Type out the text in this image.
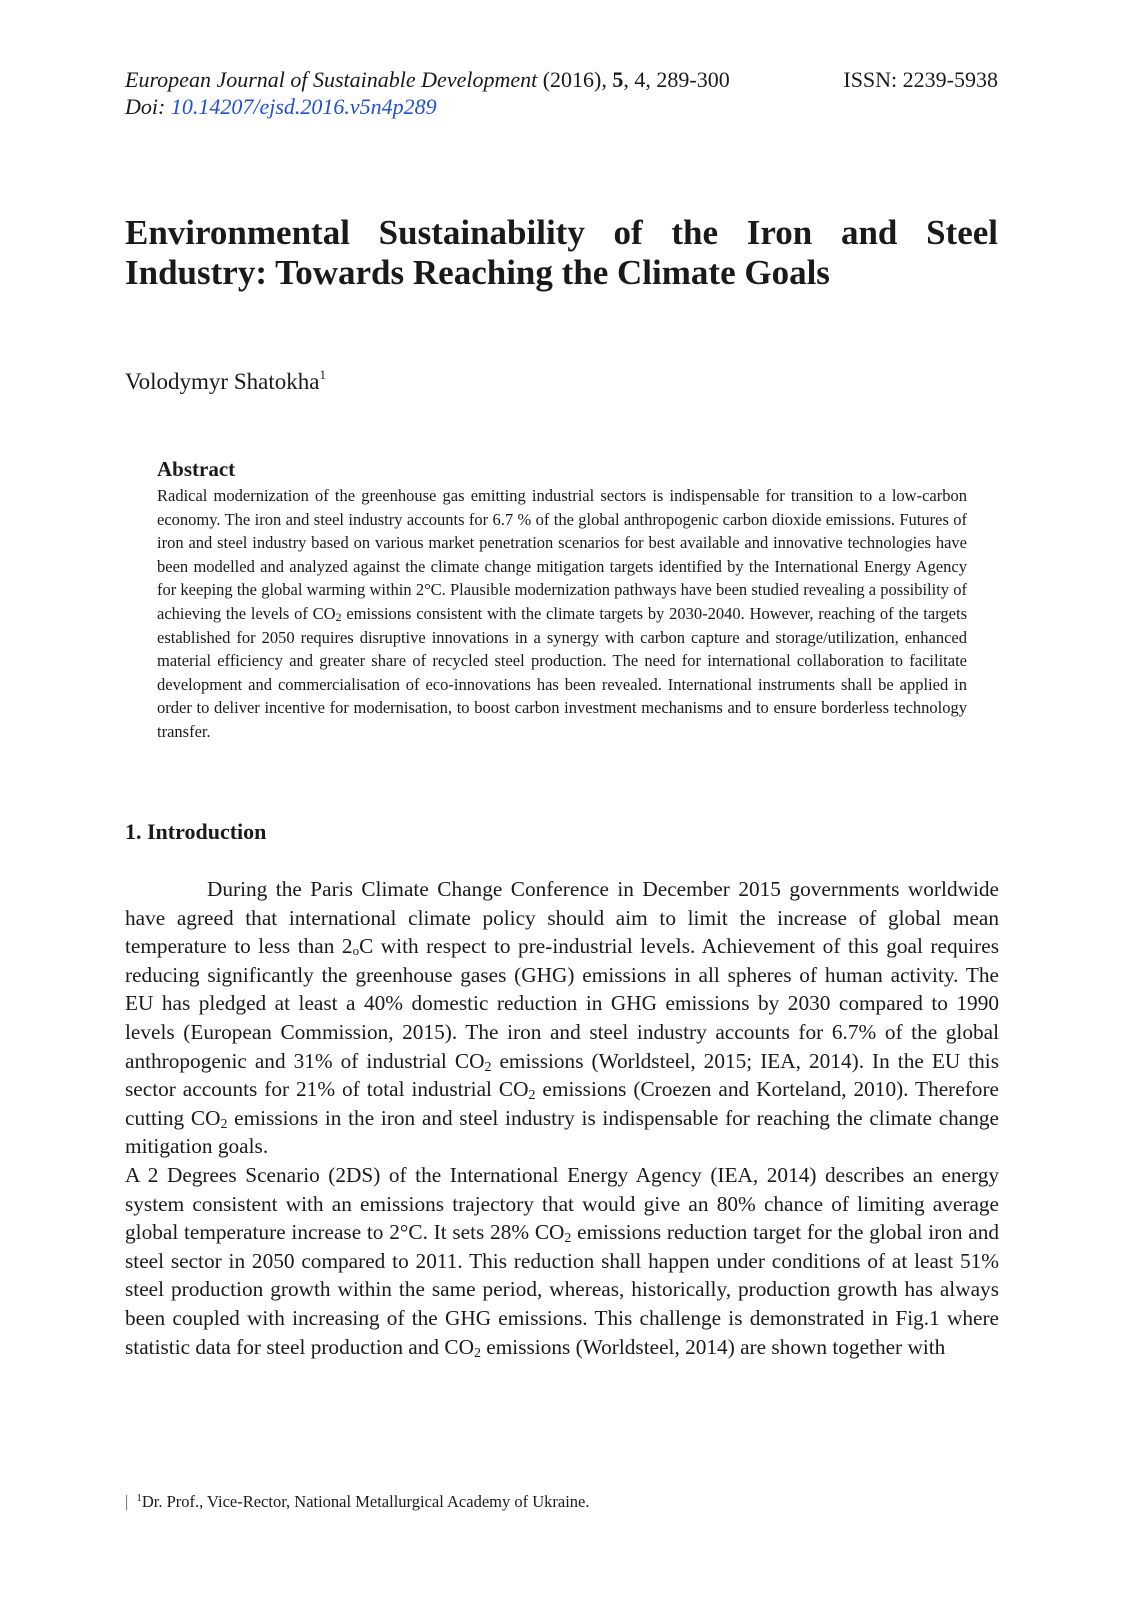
European Journal of Sustainable Development (2016), 5, 4, 289-300	ISSN: 2239-5938
Doi: 10.14207/ejsd.2016.v5n4p289
Environmental Sustainability of the Iron and Steel Industry: Towards Reaching the Climate Goals
Volodymyr Shatokha$^1$
Abstract
Radical modernization of the greenhouse gas emitting industrial sectors is indispensable for transition to a low-carbon economy. The iron and steel industry accounts for 6.7 % of the global anthropogenic carbon dioxide emissions. Futures of iron and steel industry based on various market penetration scenarios for best available and innovative technologies have been modelled and analyzed against the climate change mitigation targets identified by the International Energy Agency for keeping the global warming within 2°C. Plausible modernization pathways have been studied revealing a possibility of achieving the levels of $CO_2$ emissions consistent with the climate targets by 2030-2040. However, reaching of the targets established for 2050 requires disruptive innovations in a synergy with carbon capture and storage/utilization, enhanced material efficiency and greater share of recycled steel production. The need for international collaboration to facilitate development and commercialisation of eco-innovations has been revealed. International instruments shall be applied in order to deliver incentive for modernisation, to boost carbon investment mechanisms and to ensure borderless technology transfer.
1. Introduction

During the Paris Climate Change Conference in December 2015 governments worldwide have agreed that international climate policy should aim to limit the increase of global mean temperature to less than $2_oC$ with respect to pre-industrial levels. Achievement of this goal requires reducing significantly the greenhouse gases (GHG) emissions in all spheres of human activity. The EU has pledged at least a 40% domestic reduction in GHG emissions by 2030 compared to 1990 levels (European Commission, 2015). The iron and steel industry accounts for 6.7% of the global anthropogenic and 31% of industrial $CO_2$ emissions (Worldsteel, 2015; IEA, 2014). In the EU this sector accounts for 21% of total industrial $CO_2$ emissions (Croezen and Korteland, 2010). Therefore cutting $CO_2$ emissions in the iron and steel industry is indispensable for reaching the climate change mitigation goals.

A 2 Degrees Scenario (2DS) of the International Energy Agency (IEA, 2014) describes an energy system consistent with an emissions trajectory that would give an 80% chance of limiting average global temperature increase to 2°C. It sets 28% $CO_2$ emissions reduction target for the global iron and steel sector in 2050 compared to 2011. This reduction shall happen under conditions of at least 51% steel production growth within the same period, whereas, historically, production growth has always been coupled with increasing of the GHG emissions. This challenge is demonstrated in Fig.1 where statistic data for steel production and $CO_2$ emissions (Worldsteel, 2014) are shown together with

| $^1$Dr. Prof., Vice-Rector, National Metallurgical Academy of Ukraine.
